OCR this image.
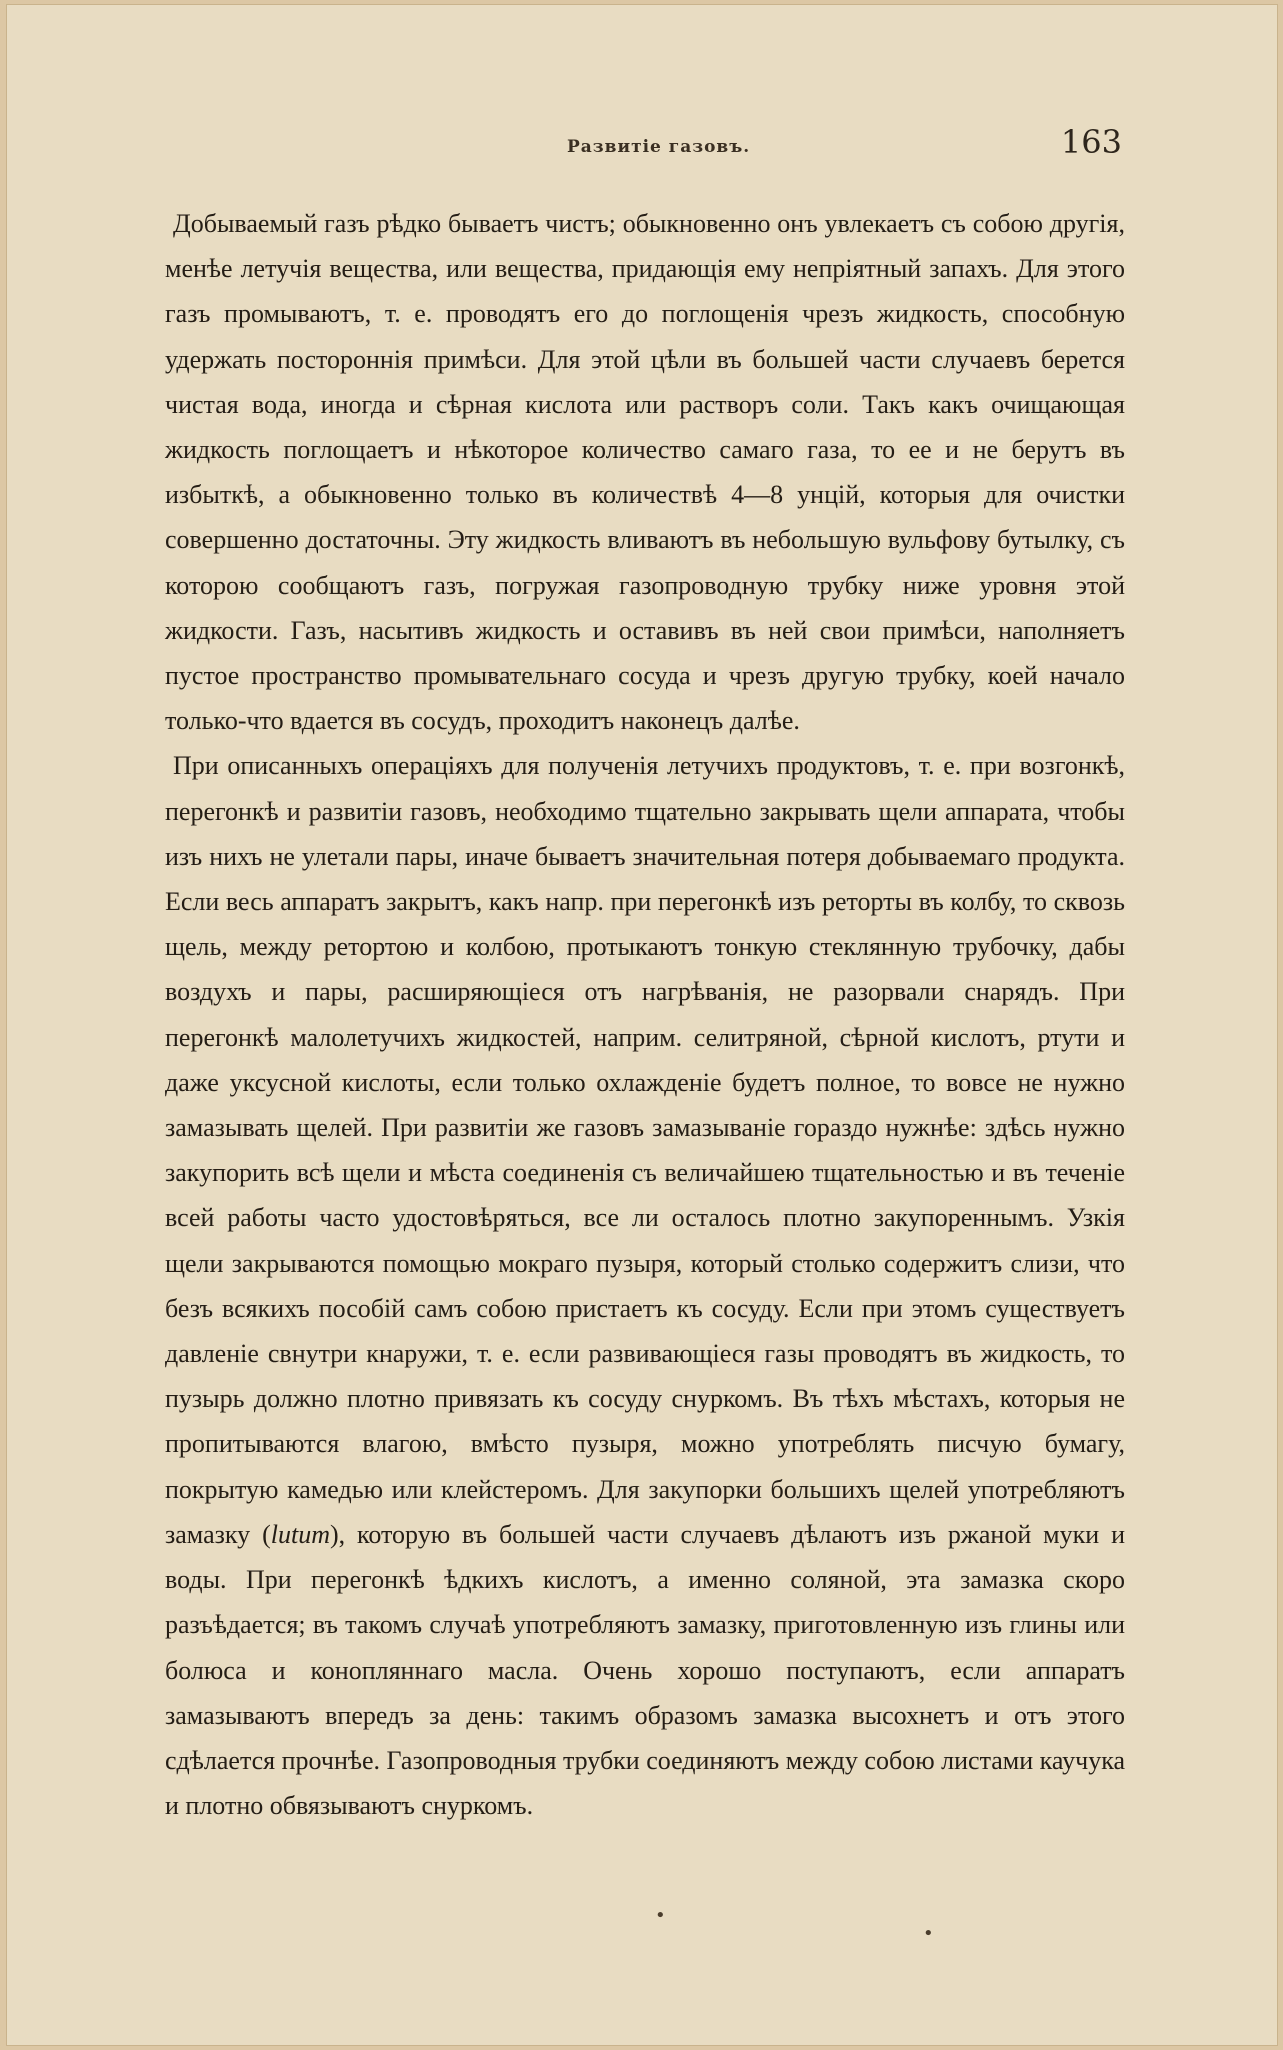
Развитіе газовъ.	163

Добываемый газъ рѣдко бываетъ чистъ; обыкновенно онъ увлекаетъ съ собою другія, менѣе летучія вещества, или вещества, придающія ему непріятный запахъ. Для этого газъ промываютъ, т. е. проводятъ его до поглощенія чрезъ жидкость, способную удержать постороннія примѣси. Для этой цѣли въ большей части случаевъ берется чистая вода, иногда и сѣрная кислота или растворъ соли. Такъ какъ очищающая жидкость поглощаетъ и нѣкоторое количество самаго газа, то ее и не берутъ въ избыткѣ, а обыкновенно только въ количествѣ 4—8 унцій, которыя для очистки совершенно достаточны. Эту жидкость вливаютъ въ небольшую вульфову бутылку, съ которою сообщаютъ газъ, погружая газопроводную трубку ниже уровня этой жидкости. Газъ, насытивъ жидкость и оставивъ въ ней свои примѣси, наполняетъ пустое пространство промывательнаго сосуда и чрезъ другую трубку, коей начало только-что вдается въ сосудъ, проходитъ наконецъ далѣе.

При описанныхъ операціяхъ для полученія летучихъ продуктовъ, т. е. при возгонкѣ, перегонкѣ и развитіи газовъ, необходимо тщательно закрывать щели аппарата, чтобы изъ нихъ не улетали пары, иначе бываетъ значительная потеря добываемаго продукта. Если весь аппаратъ закрытъ, какъ напр. при перегонкѣ изъ реторты въ колбу, то сквозь щель, между ретортою и колбою, протыкаютъ тонкую стеклянную трубочку, дабы воздухъ и пары, расширяющіеся отъ нагрѣванія, не разорвали снарядъ. При перегонкѣ малолетучихъ жидкостей, наприм. селитряной, сѣрной кислотъ, ртути и даже уксусной кислоты, если только охлажденіе будетъ полное, то вовсе не нужно замазывать щелей. При развитіи же газовъ замазываніе гораздо нужнѣе: здѣсь нужно закупорить всѣ щели и мѣста соединенія съ величайшею тщательностью и въ теченіе всей работы часто удостовѣряться, все ли осталось плотно закупореннымъ. Узкія щели закрываются помощью мокраго пузыря, который столько содержитъ слизи, что безъ всякихъ пособій самъ собою пристаетъ къ сосуду. Если при этомъ существуетъ давленіе свнутри кнаружи, т. е. если развивающіеся газы проводятъ въ жидкость, то пузырь должно плотно привязать къ сосуду снуркомъ. Въ тѣхъ мѣстахъ, которыя не пропитываются влагою, вмѣсто пузыря, можно употреблять писчую бумагу, покрытую камедью или клейстеромъ. Для закупорки большихъ щелей употребляютъ замазку (lutum), которую въ большей части случаевъ дѣлаютъ изъ ржаной муки и воды. При перегонкѣ ѣдкихъ кислотъ, а именно соляной, эта замазка скоро разъѣдается; въ такомъ случаѣ употребляютъ замазку, приготовленную изъ глины или болюса и конопляннаго масла. Очень хорошо поступаютъ, если аппаратъ замазываютъ впередъ за день: такимъ образомъ замазка высохнетъ и отъ этого сдѣлается прочнѣе. Газопроводныя трубки соединяютъ между собою листами каучука и плотно обвязываютъ снуркомъ.

•
•
